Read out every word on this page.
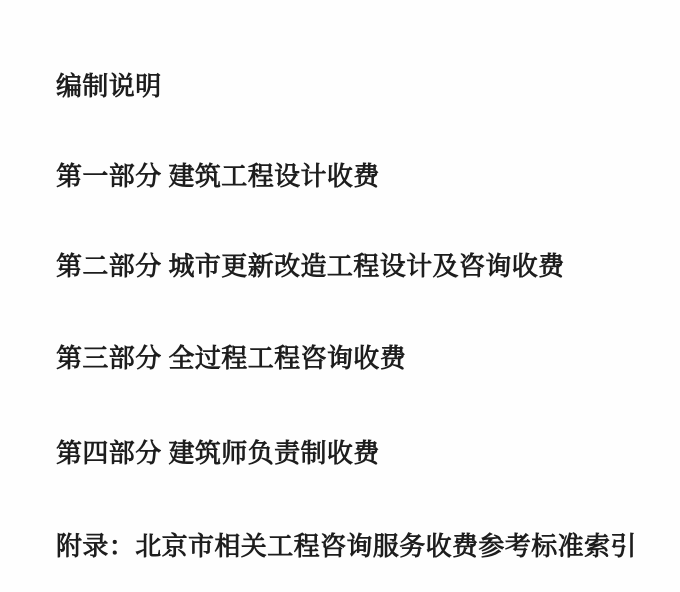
编制说明
第一部分 建筑工程设计收费
第二部分 城市更新改造工程设计及咨询收费
第三部分 全过程工程咨询收费
第四部分 建筑师负责制收费
附录：北京市相关工程咨询服务收费参考标准索引
